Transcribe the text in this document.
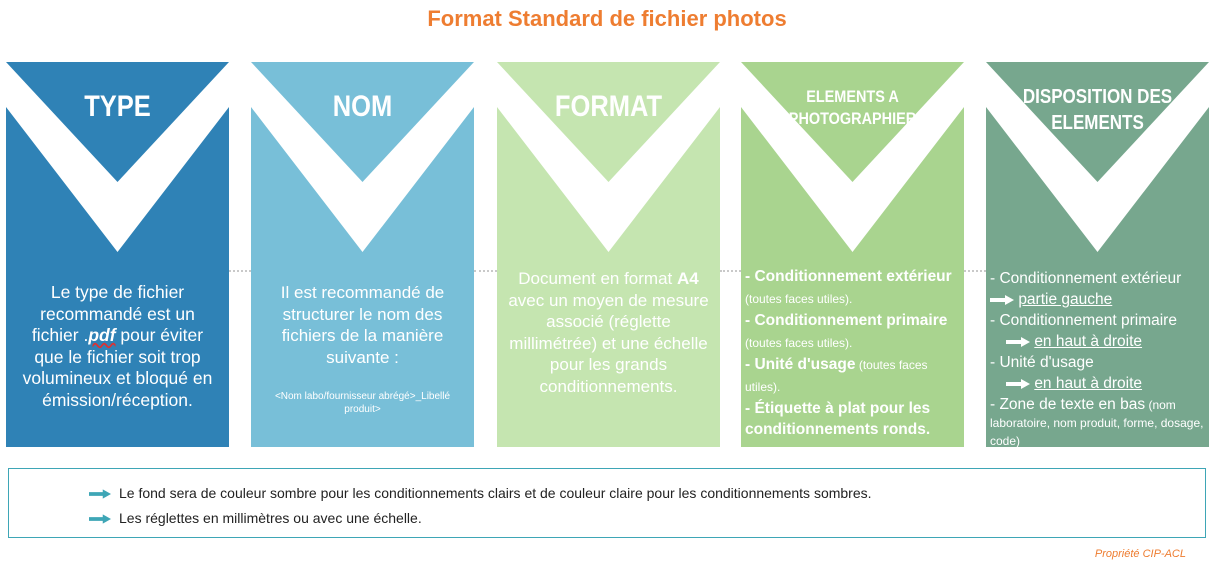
Format Standard de fichier photos
TYPE
Le type de fichier recommandé est un fichier .pdf pour éviter que le fichier soit trop volumineux et bloqué en émission/réception.
NOM
Il est recommandé de structurer le nom des fichiers de la manière suivante :
<Nom labo/fournisseur abrégé>_Libellé produit>
FORMAT
Document en format A4 avec un moyen de mesure associé (réglette millimétrée) et une échelle pour les grands conditionnements.
ELEMENTS A
PHOTOGRAPHIER
- Conditionnement extérieur (toutes faces utiles).
- Conditionnement primaire (toutes faces utiles).
- Unité d'usage (toutes faces utiles).
- Étiquette à plat pour les conditionnements ronds.
DISPOSITION DES
ELEMENTS
- Conditionnement extérieur  partie gauche
- Conditionnement primaire
en haut à droite
- Unité d'usage
en haut à droite
- Zone de texte en bas (nom laboratoire, nom produit, forme, dosage, code)
Le fond sera de couleur sombre pour les conditionnements clairs et de couleur claire pour les conditionnements sombres.
Les réglettes en millimètres ou avec une échelle.
Propriété CIP-ACL
